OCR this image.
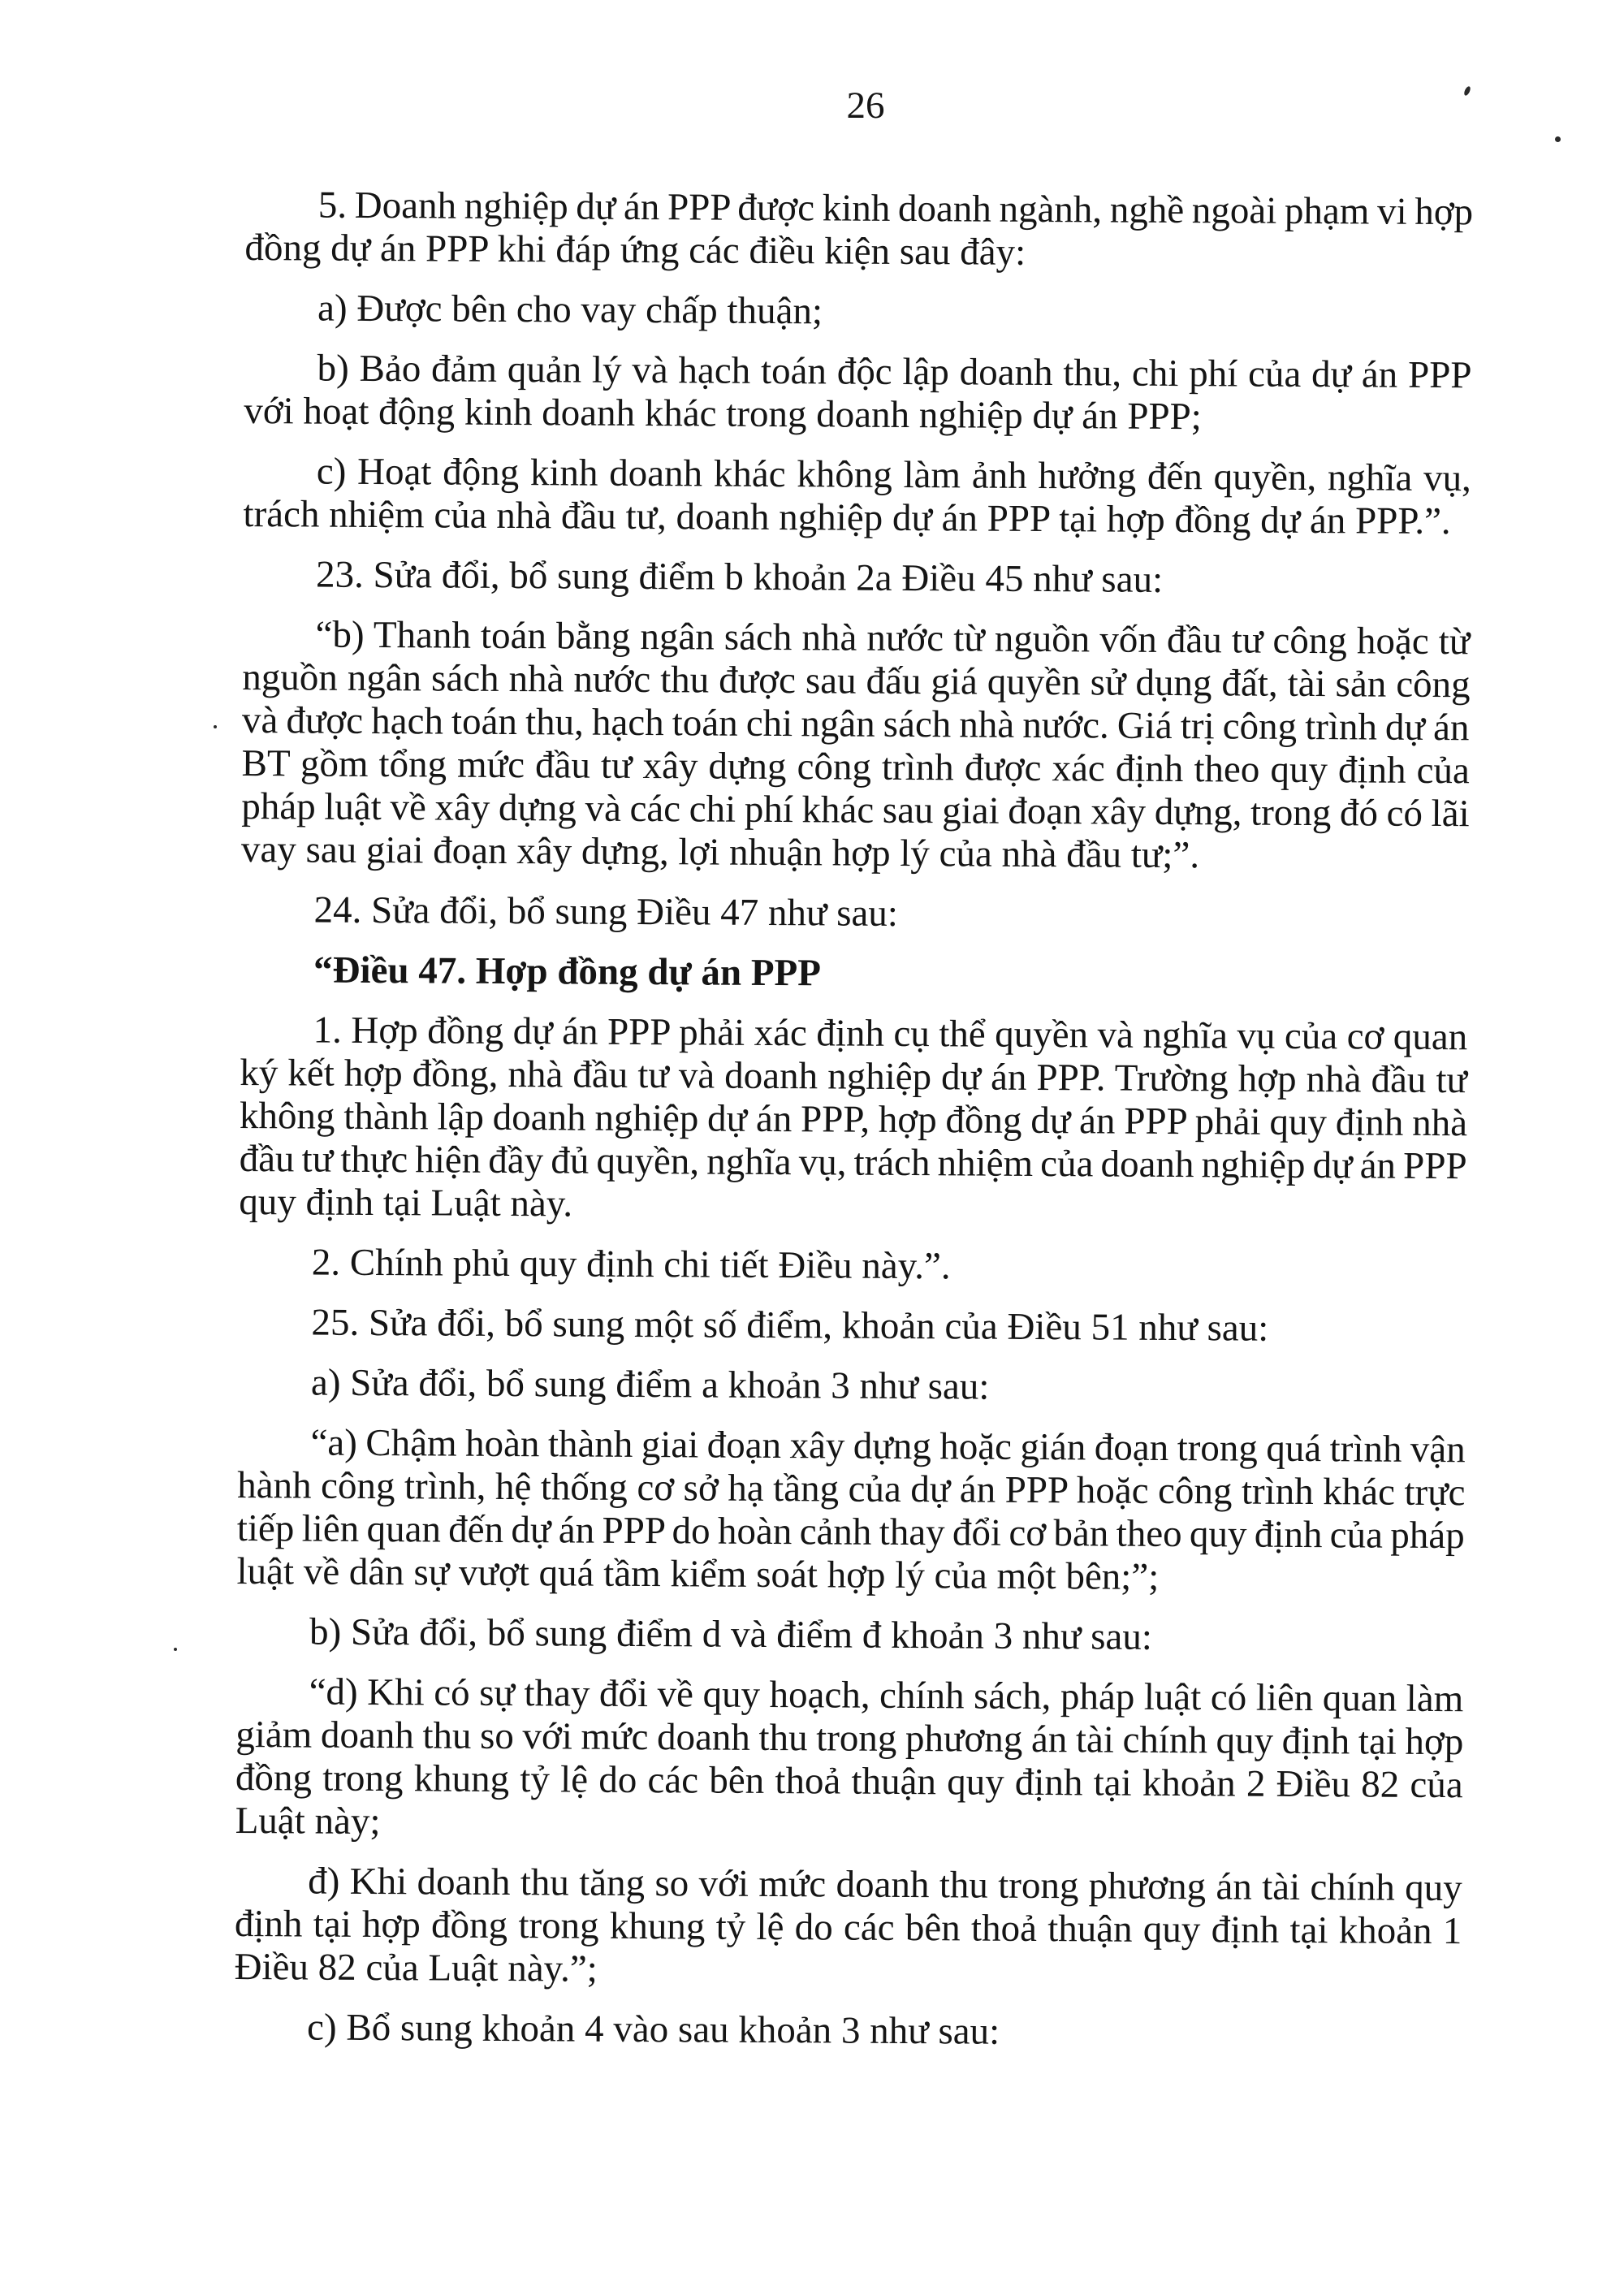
26
5. Doanh nghiệp dự án PPP được kinh doanh ngành, nghề ngoài phạm vi hợp
đồng dự án PPP khi đáp ứng các điều kiện sau đây:
a) Được bên cho vay chấp thuận;
b) Bảo đảm quản lý và hạch toán độc lập doanh thu, chi phí của dự án PPP
với hoạt động kinh doanh khác trong doanh nghiệp dự án PPP;
c) Hoạt động kinh doanh khác không làm ảnh hưởng đến quyền, nghĩa vụ,
trách nhiệm của nhà đầu tư, doanh nghiệp dự án PPP tại hợp đồng dự án PPP.”.
23. Sửa đổi, bổ sung điểm b khoản 2a Điều 45 như sau:
“b) Thanh toán bằng ngân sách nhà nước từ nguồn vốn đầu tư công hoặc từ
nguồn ngân sách nhà nước thu được sau đấu giá quyền sử dụng đất, tài sản công
và được hạch toán thu, hạch toán chi ngân sách nhà nước. Giá trị công trình dự án
BT gồm tổng mức đầu tư xây dựng công trình được xác định theo quy định của
pháp luật về xây dựng và các chi phí khác sau giai đoạn xây dựng, trong đó có lãi
vay sau giai đoạn xây dựng, lợi nhuận hợp lý của nhà đầu tư;”.
24. Sửa đổi, bổ sung Điều 47 như sau:
“Điều 47. Hợp đồng dự án PPP
1. Hợp đồng dự án PPP phải xác định cụ thể quyền và nghĩa vụ của cơ quan
ký kết hợp đồng, nhà đầu tư và doanh nghiệp dự án PPP. Trường hợp nhà đầu tư
không thành lập doanh nghiệp dự án PPP, hợp đồng dự án PPP phải quy định nhà
đầu tư thực hiện đầy đủ quyền, nghĩa vụ, trách nhiệm của doanh nghiệp dự án PPP
quy định tại Luật này.
2. Chính phủ quy định chi tiết Điều này.”.
25. Sửa đổi, bổ sung một số điểm, khoản của Điều 51 như sau:
a) Sửa đổi, bổ sung điểm a khoản 3 như sau:
“a) Chậm hoàn thành giai đoạn xây dựng hoặc gián đoạn trong quá trình vận
hành công trình, hệ thống cơ sở hạ tầng của dự án PPP hoặc công trình khác trực
tiếp liên quan đến dự án PPP do hoàn cảnh thay đổi cơ bản theo quy định của pháp
luật về dân sự vượt quá tầm kiểm soát hợp lý của một bên;”;
b) Sửa đổi, bổ sung điểm d và điểm đ khoản 3 như sau:
“d) Khi có sự thay đổi về quy hoạch, chính sách, pháp luật có liên quan làm
giảm doanh thu so với mức doanh thu trong phương án tài chính quy định tại hợp
đồng trong khung tỷ lệ do các bên thoả thuận quy định tại khoản 2 Điều 82 của
Luật này;
đ) Khi doanh thu tăng so với mức doanh thu trong phương án tài chính quy
định tại hợp đồng trong khung tỷ lệ do các bên thoả thuận quy định tại khoản 1
Điều 82 của Luật này.”;
c) Bổ sung khoản 4 vào sau khoản 3 như sau:
